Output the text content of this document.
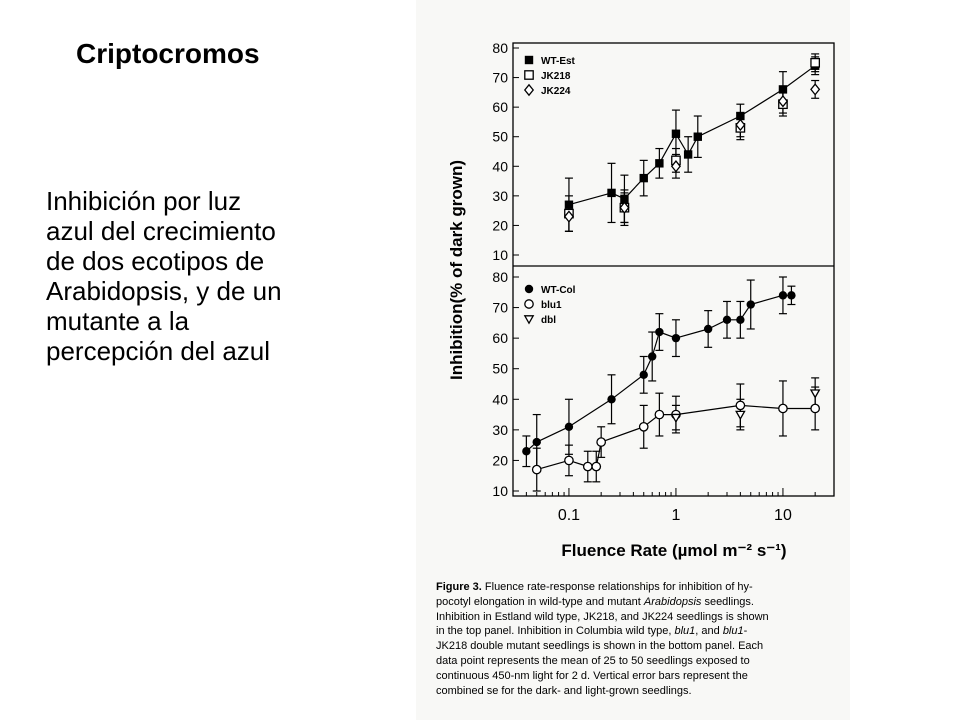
Criptocromos
Inhibición por luz
azul del crecimiento
de dos ecotipos de
Arabidopsis, y de un
mutante a la
percepción del azul
10
20
30
40
50
60
70
80
WT-Est
JK218
JK224
10
20
30
40
50
60
70
80
WT-Col
blu1
dbl
0.1	1	10
Fluence Rate (µmol m⁻² s⁻¹)
Inhibition(% of dark grown)
Figure 3. Fluence rate-response relationships for inhibition of hy-
pocotyl elongation in wild-type and mutant Arabidopsis seedlings.
Inhibition in Estland wild type, JK218, and JK224 seedlings is shown
in the top panel. Inhibition in Columbia wild type, blu1, and blu1-
JK218 double mutant seedlings is shown in the bottom panel. Each
data point represents the mean of 25 to 50 seedlings exposed to
continuous 450-nm light for 2 d. Vertical error bars represent the
combined se for the dark- and light-grown seedlings.
